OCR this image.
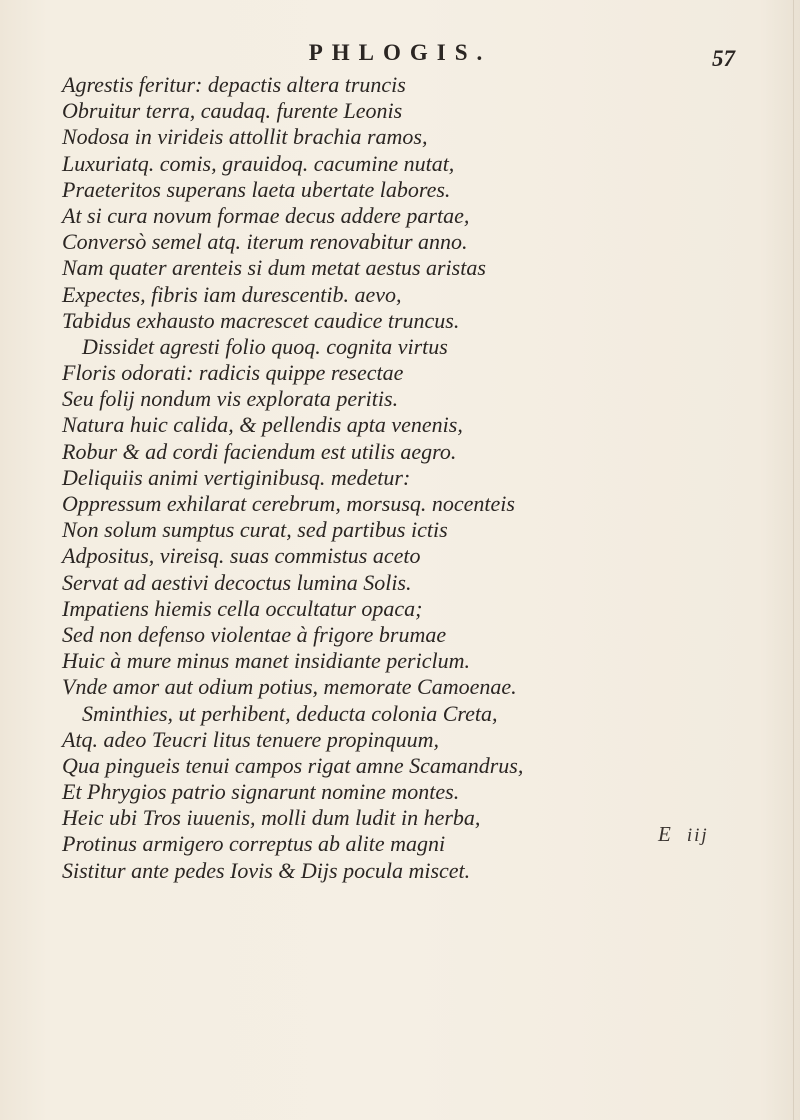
PHLOGIS.	57
Agrestis feritur: depactis altera truncis
Obruitur terra, caudaq. furente Leonis
Nodosa in virideis attollit brachia ramos,
Luxuriatq. comis, grauidoq. cacumine nutat,
Praeteritos superans laeta ubertate labores.
At si cura novum formae decus addere partae,
Conversò semel atq. iterum renovabitur anno.
Nam quater arenteis si dum metat aestus aristas
Expectes, fibris iam durescentib. aevo,
Tabidus exhausto macrescet caudice truncus.
Dissidet agresti folio quoq. cognita virtus
Floris odorati: radicis quippe resectae
Seu folij nondum vis explorata peritis.
Natura huic calida, & pellendis apta venenis,
Robur & ad cordi faciendum est utilis aegro.
Deliquiis animi vertiginibusq. medetur:
Oppressum exhilarat cerebrum, morsusq. nocenteis
Non solum sumptus curat, sed partibus ictis
Adpositus, vireisq. suas commistus aceto
Servat ad aestivi decoctus lumina Solis.
Impatiens hiemis cella occultatur opaca;
Sed non defenso violentae à frigore brumae
Huic à mure minus manet insidiante periclum.
Vnde amor aut odium potius, memorate Camoenae.
Sminthies, ut perhibent, deducta colonia Creta,
Atq. adeo Teucri litus tenuere propinquum,
Qua pingueis tenui campos rigat amne Scamandrus,
Et Phrygios patrio signarunt nomine montes.
Heic ubi Tros iuuenis, molli dum ludit in herba,
Protinus armigero correptus ab alite magni
Sistitur ante pedes Iovis & Dijs pocula miscet.
E iij
